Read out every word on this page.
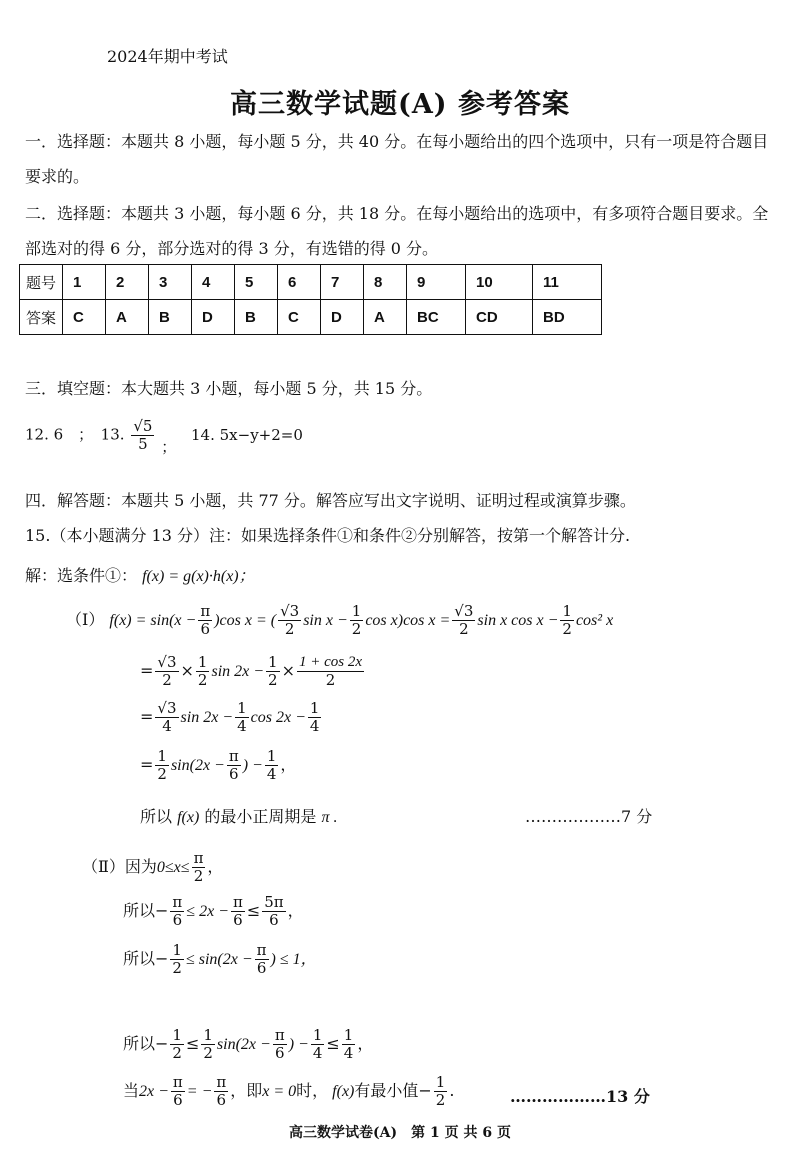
2024年期中考试
高三数学试题(A) 参考答案
一．选择题：本题共 8 小题，每小题 5 分，共 40 分。在每小题给出的四个选项中，只有一项是符合题目
要求的。
二．选择题：本题共 3 小题，每小题 6 分，共 18 分。在每小题给出的选项中，有多项符合题目要求。全
部选对的得 6 分，部分选对的得 3 分，有选错的得 0 分。
题号	1	2	3	4	5	6	7	8	9	10	11
答案	C	A	B	D	B	C	D	A	BC	CD	BD
三．填空题：本大题共 3 小题，每小题 5 分，共 15 分。
12. 6　；　13. $\frac{√5}{5}$ ； 14. 5x−y+2=0
四．解答题：本题共 5 小题，共 77 分。解答应写出文字说明、证明过程或演算步骤。
15.（本小题满分 13 分）注：如果选择条件①和条件②分别解答，按第一个解答计分.
解：选条件①： f(x) = g(x)·h(x)；
（Ⅰ） $f(x) = \sin(x - \frac{\pi}{6} )\cos$ x = ( $\frac{√3}{2}$ $\sin x - \frac{1}{2}$ cos x)cos $x = \frac{√3}{2}$ sin x $\cos x - \frac{1}{2} \cos^2$ x
= $\frac{√3}{2} \times \frac{1}{2}$ $\sin 2x - \frac{1}{2} \times \frac{1 + \cos 2x}{2}$
= $\frac{√3}{4}$ $\sin 2x - \frac{1}{4}$ $\cos 2x - \frac{1}{4}$
= $\frac{1}{2} \sin(2x - \frac{\pi}{6}$ ) − $\frac{1}{4}$ ，
所以 f(x) 的最小正周期是 π .	………………7 分
（Ⅱ）因为$0\le x\le \frac{\pi}{2}$ ，
所以− $\frac{\pi}{6} \le 2x - \frac{\pi}{6} \le \frac{5\pi}{6}$ ，
所以− $\frac{1}{2} \le \sin(2x - \frac{\pi}{6}$ ) ≤ 1，
所以− $\frac{1}{2} \le \frac{1}{2} \sin(2x - \frac{\pi}{6}$ ) − $\frac{1}{4} \le \frac{1}{4}$ ，
当$2x - \frac{\pi}{6}$ = − $\frac{\pi}{6}$ ，即x = 0时， f(x)有最小值− $\frac{1}{2}$ .	………………13 分
高三数学试卷(A)　第 1 页 共 6 页
